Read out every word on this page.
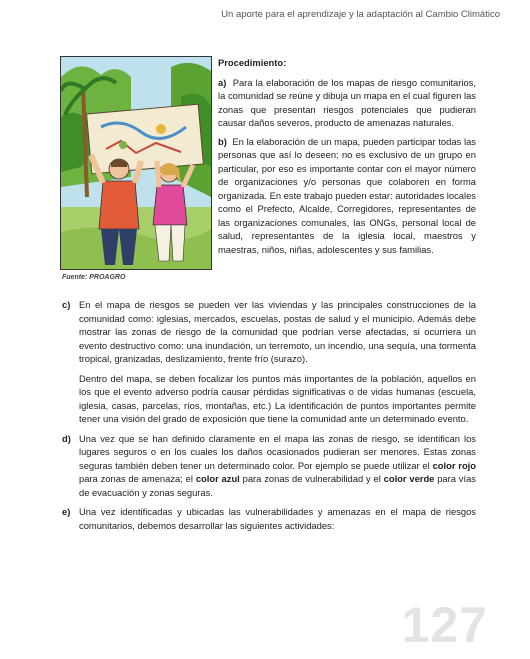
Un aporte para el aprendizaje y la adaptación al Cambio Climático
Fuente: PROAGRO

Procedimiento:

a) Para la elaboración de los mapas de riesgo comunitarios, la comunidad se reúne y dibuja un mapa en el cual figuren las zonas que presentan riesgos potenciales que pudieran causar daños severos, producto de amenazas naturales.

b) En la elaboración de un mapa, pueden participar todas las personas que así lo deseen; no es exclusivo de un grupo en particular, por eso es importante contar con el mayor número de organizaciones y/o personas que colaboren en forma organizada. En este trabajo pueden estar: autoridades locales como el Prefecto, Alcalde, Corregidores, representantes de las organizaciones comunales, las ONGs, personal local de salud, representantes de la iglesia local, maestros y maestras, niños, niñas, adolescentes y sus familias.

c) En el mapa de riesgos se pueden ver las viviendas y las principales construcciones de la comunidad como: iglesias, mercados, escuelas, postas de salud y el municipio. Además debe mostrar las zonas de riesgo de la comunidad que podrían verse afectadas, si ocurriera un evento destructivo como: una inundación, un terremoto, un incendio, una sequía, una tormenta tropical, granizadas, deslizamiento, frente frío (surazo).
Dentro del mapa, se deben focalizar los puntos más importantes de la población, aquellos en los que el evento adverso podría causar pérdidas significativas o de vidas humanas (escuela, iglesia, casas, parcelas, ríos, montañas, etc.) La identificación de puntos importantes permite tener una visión del grado de exposición que tiene la comunidad ante un determinado evento.
d) Una vez que se han definido claramente en el mapa las zonas de riesgo, se identifican los lugares seguros o en los cuales los daños ocasionados pudieran ser menores. Estas zonas seguras también deben tener un determinado color. Por ejemplo se puede utilizar el color rojo para zonas de amenaza; el color azul para zonas de vulnerabilidad y el color verde para vías de evacuación y zonas seguras.
e) Una vez identificadas y ubicadas las vulnerabilidades y amenazas en el mapa de riesgos comunitarios, debemos desarrollar las siguientes actividades:
127
